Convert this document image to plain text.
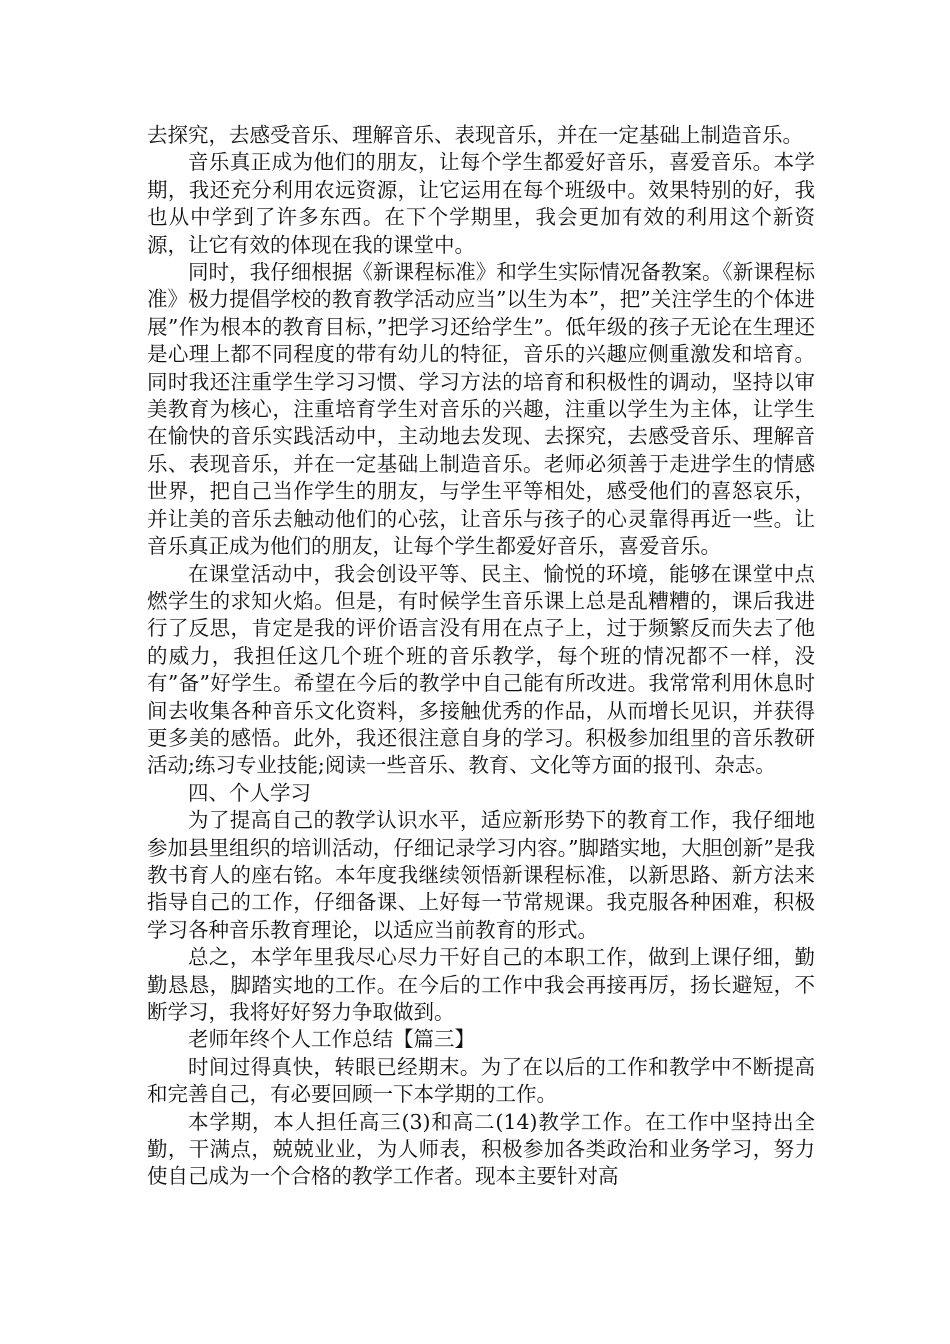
去探究，去感受音乐、理解音乐、表现音乐，并在一定基础上制造音乐。

音乐真正成为他们的朋友，让每个学生都爱好音乐，喜爱音乐。本学期，我还充分利用农远资源，让它运用在每个班级中。效果特别的好，我也从中学到了许多东西。在下个学期里，我会更加有效的利用这个新资源，让它有效的体现在我的课堂中。

同时，我仔细根据《新课程标准》和学生实际情况备教案。《新课程标准》极力提倡学校的教育教学活动应当”以生为本”，把”关注学生的个体进展”作为根本的教育目标，”把学习还给学生”。低年级的孩子无论在生理还是心理上都不同程度的带有幼儿的特征，音乐的兴趣应侧重激发和培育。同时我还注重学生学习习惯、学习方法的培育和积极性的调动，坚持以审美教育为核心，注重培育学生对音乐的兴趣，注重以学生为主体，让学生在愉快的音乐实践活动中，主动地去发现、去探究，去感受音乐、理解音乐、表现音乐，并在一定基础上制造音乐。老师必须善于走进学生的情感世界，把自己当作学生的朋友，与学生平等相处，感受他们的喜怒哀乐，并让美的音乐去触动他们的心弦，让音乐与孩子的心灵靠得再近一些。让音乐真正成为他们的朋友，让每个学生都爱好音乐，喜爱音乐。

在课堂活动中，我会创设平等、民主、愉悦的环境，能够在课堂中点燃学生的求知火焰。但是，有时候学生音乐课上总是乱糟糟的，课后我进行了反思，肯定是我的评价语言没有用在点子上，过于频繁反而失去了他的威力，我担任这几个班个班的音乐教学，每个班的情况都不一样，没有”备”好学生。希望在今后的教学中自己能有所改进。我常常利用休息时间去收集各种音乐文化资料，多接触优秀的作品，从而增长见识，并获得更多美的感悟。此外，我还很注意自身的学习。积极参加组里的音乐教研活动;练习专业技能;阅读一些音乐、教育、文化等方面的报刊、杂志。

四、个人学习

为了提高自己的教学认识水平，适应新形势下的教育工作，我仔细地参加县里组织的培训活动，仔细记录学习内容。”脚踏实地，大胆创新”是我教书育人的座右铭。本年度我继续领悟新课程标准，以新思路、新方法来指导自己的工作，仔细备课、上好每一节常规课。我克服各种困难，积极学习各种音乐教育理论，以适应当前教育的形式。

总之，本学年里我尽心尽力干好自己的本职工作，做到上课仔细，勤勤恳恳，脚踏实地的工作。在今后的工作中我会再接再厉，扬长避短，不断学习，我将好好努力争取做到。

老师年终个人工作总结【篇三】

时间过得真快，转眼已经期末。为了在以后的工作和教学中不断提高和完善自己，有必要回顾一下本学期的工作。

本学期，本人担任高三(3)和高二(14)教学工作。在工作中坚持出全勤，干满点，兢兢业业，为人师表，积极参加各类政治和业务学习，努力使自己成为一个合格的教学工作者。现本主要针对高
